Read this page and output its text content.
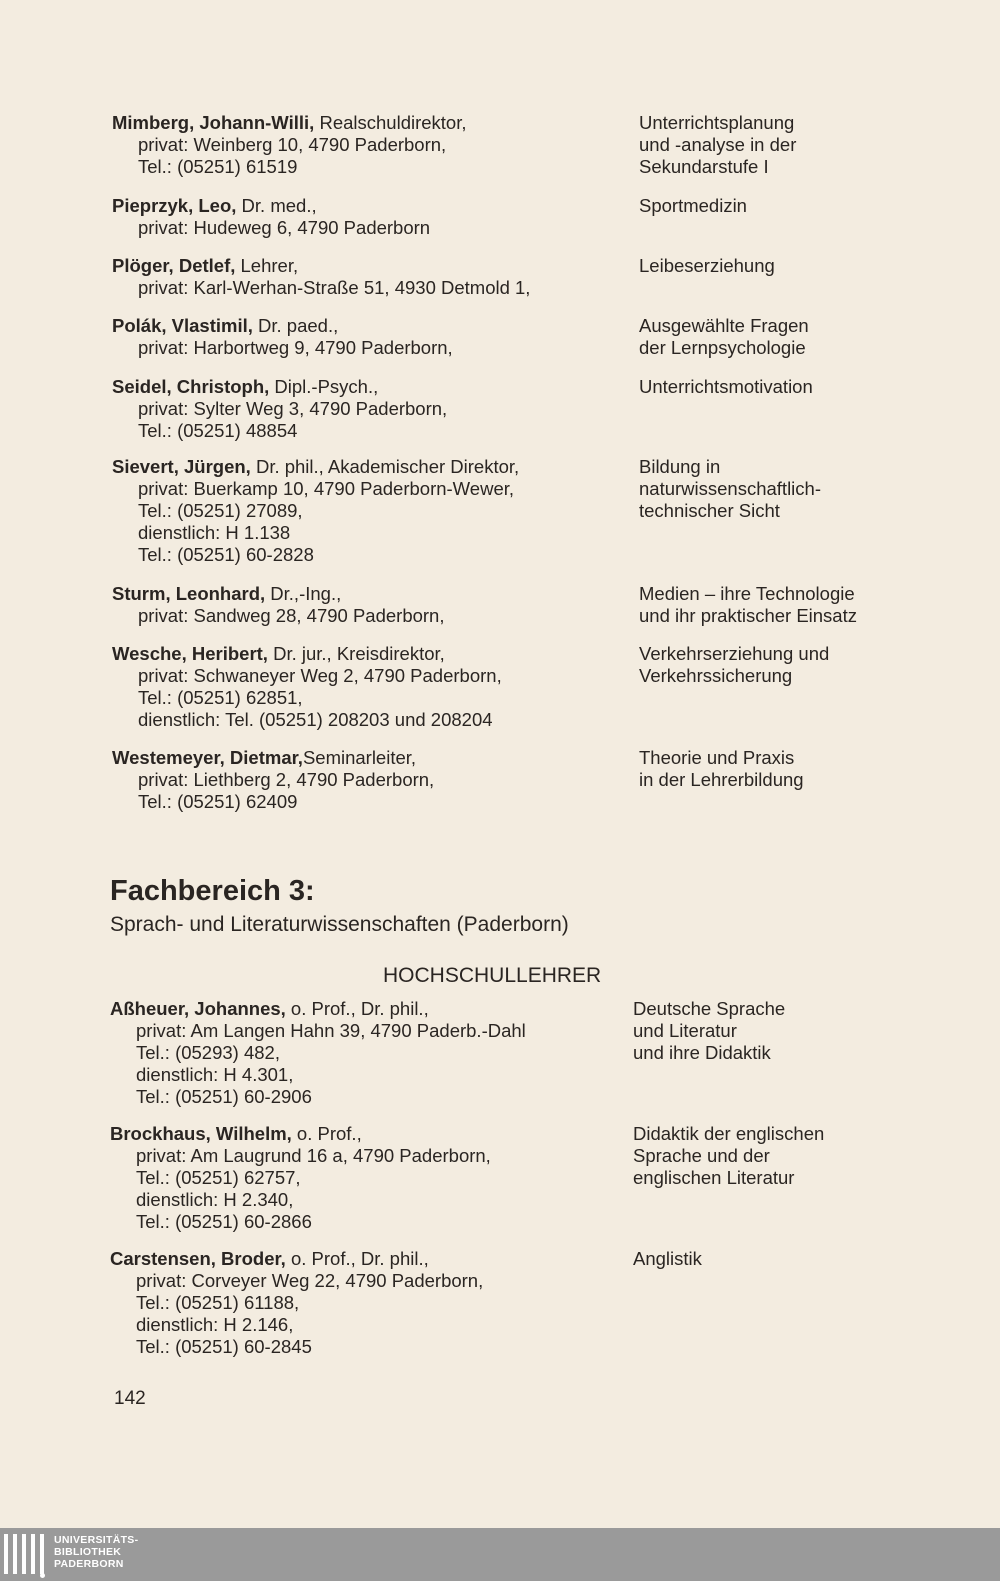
Mimberg, Johann-Willi, Realschuldirektor,
privat: Weinberg 10, 4790 Paderborn,
Tel.: (05251) 61519
Unterrichtsplanung
und -analyse in der
Sekundarstufe I
Pieprzyk, Leo, Dr. med.,
privat: Hudeweg 6, 4790 Paderborn
Sportmedizin
Plöger, Detlef, Lehrer,
privat: Karl-Werhan-Straße 51, 4930 Detmold 1,
Leibeserziehung
Polák, Vlastimil, Dr. paed.,
privat: Harbortweg 9, 4790 Paderborn,
Ausgewählte Fragen
der Lernpsychologie
Seidel, Christoph, Dipl.-Psych.,
privat: Sylter Weg 3, 4790 Paderborn,
Tel.: (05251) 48854
Unterrichtsmotivation
Sievert, Jürgen, Dr. phil., Akademischer Direktor,
privat: Buerkamp 10, 4790 Paderborn-Wewer,
Tel.: (05251) 27089,
dienstlich: H 1.138
Tel.: (05251) 60-2828
Bildung in
naturwissenschaftlich-
technischer Sicht
Sturm, Leonhard, Dr.,-Ing.,
privat: Sandweg 28, 4790 Paderborn,
Medien – ihre Technologie
und ihr praktischer Einsatz
Wesche, Heribert, Dr. jur., Kreisdirektor,
privat: Schwaneyer Weg 2, 4790 Paderborn,
Tel.: (05251) 62851,
dienstlich: Tel. (05251) 208203 und 208204
Verkehrserziehung und
Verkehrssicherung
Westemeyer, Dietmar,Seminarleiter,
privat: Liethberg 2, 4790 Paderborn,
Tel.: (05251) 62409
Theorie und Praxis
in der Lehrerbildung
Fachbereich 3:
Sprach- und Literaturwissenschaften (Paderborn)
HOCHSCHULLEHRER
Aßheuer, Johannes, o. Prof., Dr. phil.,
privat: Am Langen Hahn 39, 4790 Paderb.-Dahl
Tel.: (05293) 482,
dienstlich: H 4.301,
Tel.: (05251) 60-2906
Deutsche Sprache
und Literatur
und ihre Didaktik
Brockhaus, Wilhelm, o. Prof.,
privat: Am Laugrund 16 a, 4790 Paderborn,
Tel.: (05251) 62757,
dienstlich: H 2.340,
Tel.: (05251) 60-2866
Didaktik der englischen
Sprache und der
englischen Literatur
Carstensen, Broder, o. Prof., Dr. phil.,
privat: Corveyer Weg 22, 4790 Paderborn,
Tel.: (05251) 61188,
dienstlich: H 2.146,
Tel.: (05251) 60-2845
Anglistik
142
UNIVERSITÄTS-
BIBLIOTHEK
PADERBORN
